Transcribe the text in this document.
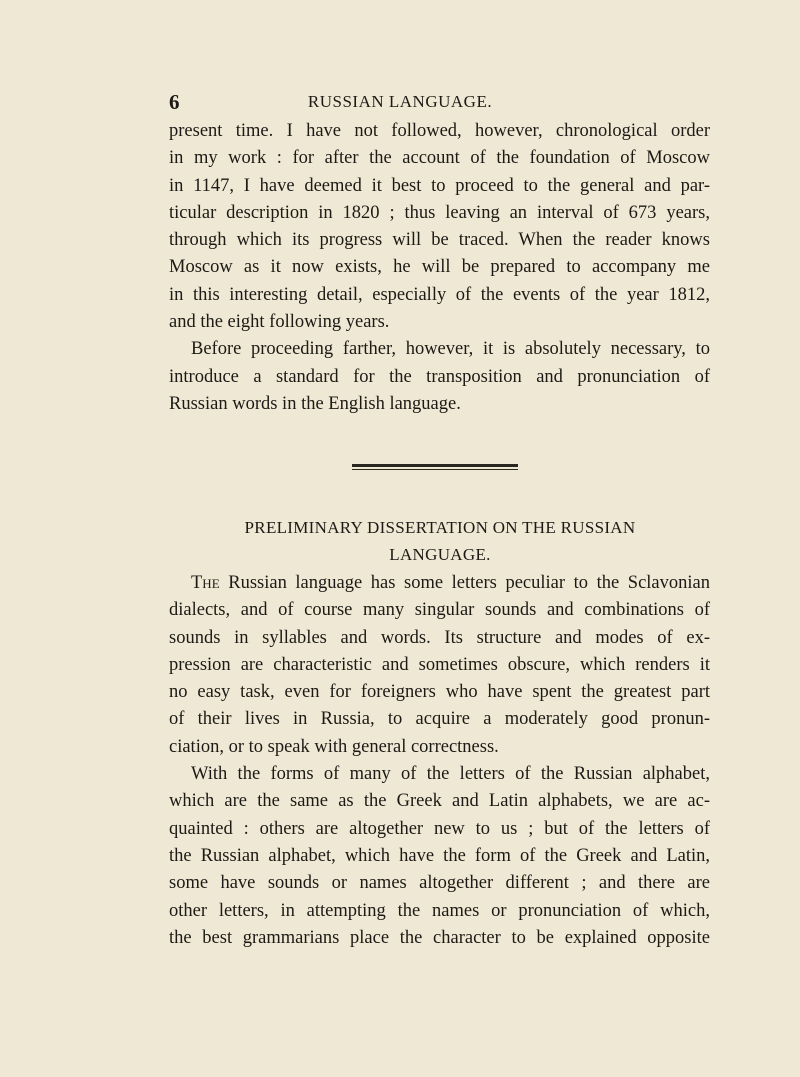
6	RUSSIAN LANGUAGE.

present time. I have not followed, however, chronological order

in my work : for after the account of the foundation of Moscow

in 1147, I have deemed it best to proceed to the general and par-

ticular description in 1820 ; thus leaving an interval of 673 years,

through which its progress will be traced. When the reader knows

Moscow as it now exists, he will be prepared to accompany me

in this interesting detail, especially of the events of the year 1812,

and the eight following years.

Before proceeding farther, however, it is absolutely necessary, to

introduce a standard for the transposition and pronunciation of

Russian words in the English language.

PRELIMINARY DISSERTATION ON THE RUSSIAN
LANGUAGE.

The Russian language has some letters peculiar to the Sclavonian

dialects, and of course many singular sounds and combinations of

sounds in syllables and words. Its structure and modes of ex-

pression are characteristic and sometimes obscure, which renders it

no easy task, even for foreigners who have spent the greatest part

of their lives in Russia, to acquire a moderately good pronun-

ciation, or to speak with general correctness.

With the forms of many of the letters of the Russian alphabet,

which are the same as the Greek and Latin alphabets, we are ac-

quainted : others are altogether new to us ; but of the letters of

the Russian alphabet, which have the form of the Greek and Latin,

some have sounds or names altogether different ; and there are

other letters, in attempting the names or pronunciation of which,

the best grammarians place the character to be explained opposite
